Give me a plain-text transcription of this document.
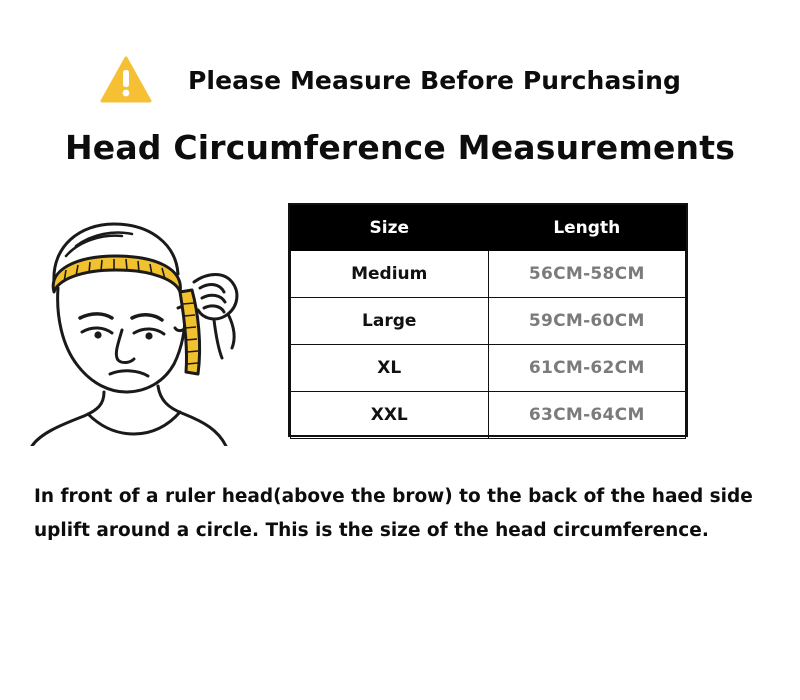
Please Measure Before Purchasing
Head Circumference Measurements
Size	Length
Medium	56CM-58CM
Large	59CM-60CM
XL	61CM-62CM
XXL	63CM-64CM
In front of a ruler head(above the brow) to the back of the haed side
uplift around a circle. This is the size of the head circumference.
